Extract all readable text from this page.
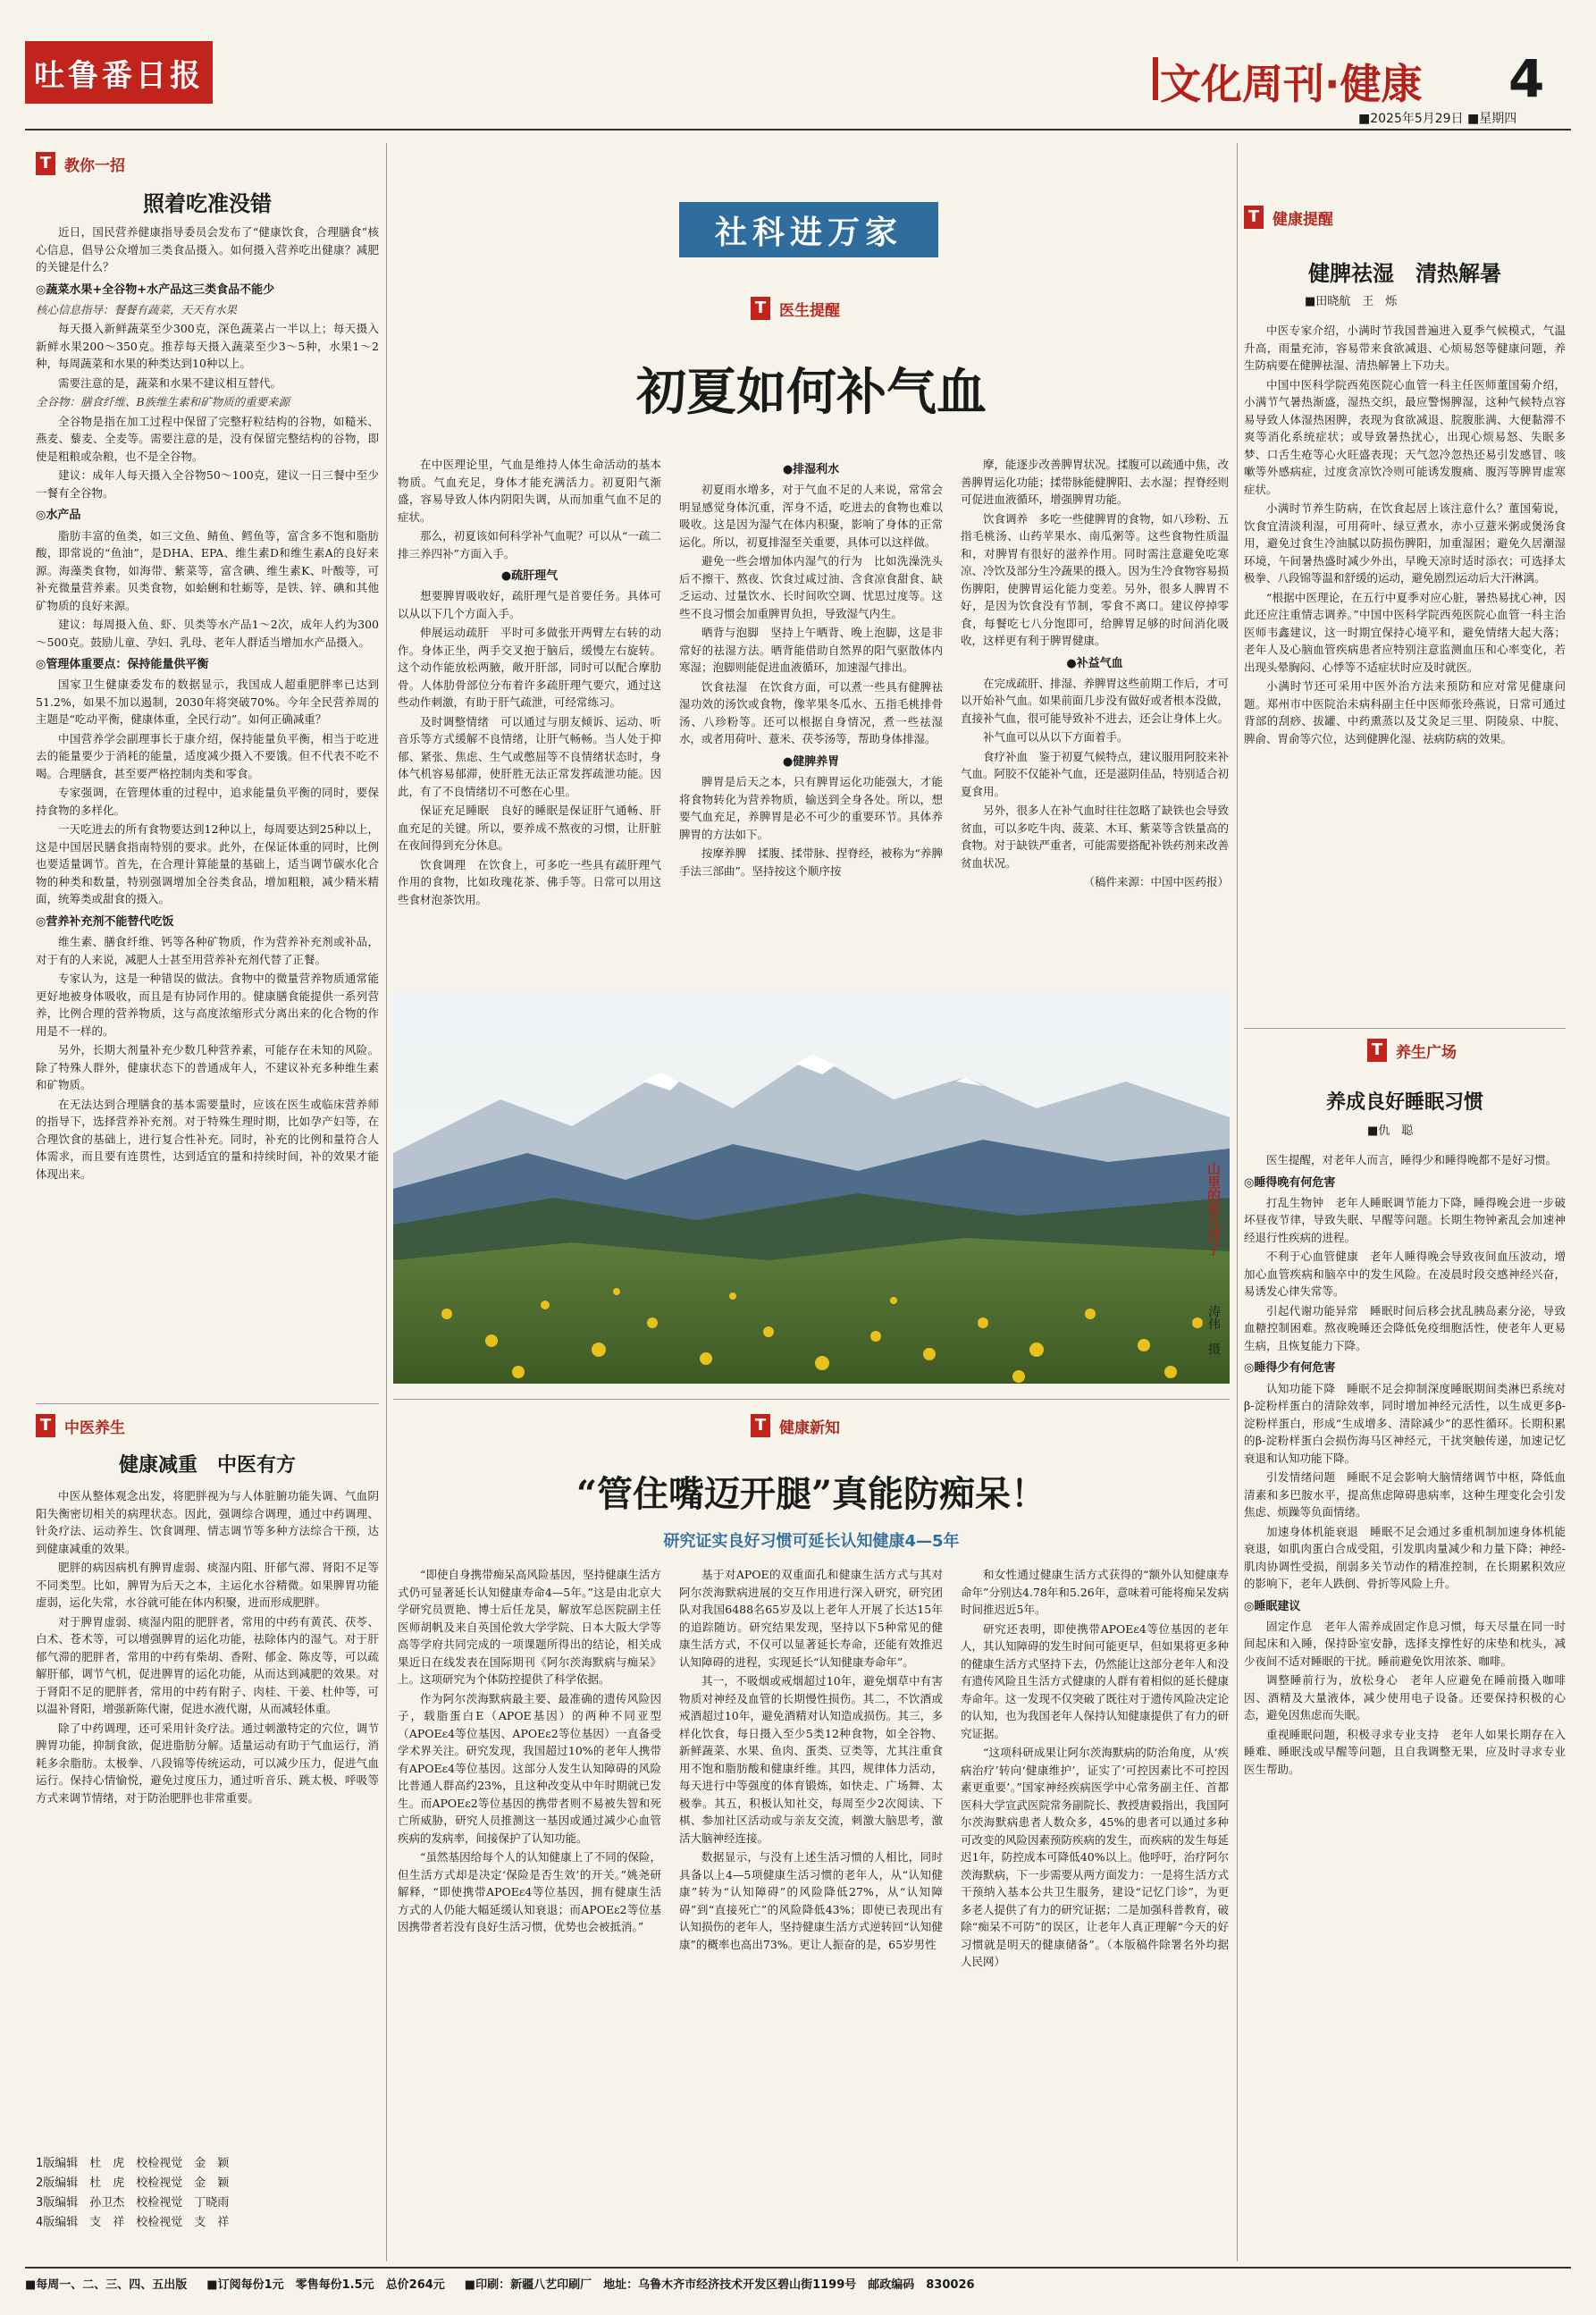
吐鲁番日报	文化周刊·健康 4
■2025年5月29日 ■星期四
T 教你一招
照着吃准没错

近日，国民营养健康指导委员会发布了“健康饮食，合理膳食”核心信息，倡导公众增加三类食品摄入。如何摄入营养吃出健康？减肥的关键是什么？

◎蔬菜水果+全谷物+水产品这三类食品不能少

核心信息指导：餐餐有蔬菜，天天有水果

每天摄入新鲜蔬菜至少300克，深色蔬菜占一半以上；每天摄入新鲜水果200～350克。推荐每天摄入蔬菜至少3～5种，水果1～2种，每周蔬菜和水果的种类达到10种以上。

需要注意的是，蔬菜和水果不建议相互替代。

全谷物：膳食纤维、B族维生素和矿物质的重要来源

全谷物是指在加工过程中保留了完整籽粒结构的谷物，如糙米、燕麦、藜麦、全麦等。需要注意的是，没有保留完整结构的谷物，即使是粗粮或杂粮，也不是全谷物。

建议：成年人每天摄入全谷物50～100克，建议一日三餐中至少一餐有全谷物。

◎水产品

脂肪丰富的鱼类，如三文鱼、鲭鱼、鳕鱼等，富含多不饱和脂肪酸，即常说的“鱼油”，是DHA、EPA、维生素D和维生素A的良好来源。海藻类食物，如海带、紫菜等，富含碘、维生素K、叶酸等，可补充微量营养素。贝类食物，如蛤蜊和牡蛎等，是铁、锌、碘和其他矿物质的良好来源。

建议：每周摄入鱼、虾、贝类等水产品1～2次，成年人约为300～500克。鼓励儿童、孕妇、乳母、老年人群适当增加水产品摄入。

◎管理体重要点：保持能量供平衡

国家卫生健康委发布的数据显示，我国成人超重肥胖率已达到51.2%，如果不加以遏制，2030年将突破70%。今年全民营养周的主题是“吃动平衡，健康体重，全民行动”。如何正确减重？

中国营养学会副理事长于康介绍，保持能量负平衡，相当于吃进去的能量要少于消耗的能量，适度减少摄入不要饿。但不代表不吃不喝。合理膳食，甚至要严格控制肉类和零食。

专家强调，在管理体重的过程中，追求能量负平衡的同时，要保持食物的多样化。

一天吃进去的所有食物要达到12种以上，每周要达到25种以上，这是中国居民膳食指南特别的要求。此外，在保证体重的同时，比例也要适量调节。首先，在合理计算能量的基础上，适当调节碳水化合物的种类和数量，特别强调增加全谷类食品，增加粗粮，减少精米精面，统筹类或甜食的摄入。

◎营养补充剂不能替代吃饭

维生素、膳食纤维、钙等各种矿物质，作为营养补充剂或补品，对于有的人来说，减肥人士甚至用营养补充剂代替了正餐。

专家认为，这是一种错误的做法。食物中的微量营养物质通常能更好地被身体吸收，而且是有协同作用的。健康膳食能提供一系列营养，比例合理的营养物质，这与高度浓缩形式分离出来的化合物的作用是不一样的。

另外，长期大剂量补充少数几种营养素，可能存在未知的风险。除了特殊人群外，健康状态下的普通成年人，不建议补充多种维生素和矿物质。

在无法达到合理膳食的基本需要量时，应该在医生或临床营养师的指导下，选择营养补充剂。对于特殊生理时期，比如孕产妇等，在合理饮食的基础上，进行复合性补充。同时，补充的比例和量符合人体需求，而且要有连贯性，达到适宜的量和持续时间，补的效果才能体现出来。

T 中医养生
健康减重　中医有方

中医从整体观念出发，将肥胖视为与人体脏腑功能失调、气血阴阳失衡密切相关的病理状态。因此，强调综合调理，通过中药调理、针灸疗法、运动养生、饮食调理、情志调节等多种方法综合干预，达到健康减重的效果。

肥胖的病因病机有脾胃虚弱、痰湿内阻、肝郁气滞、肾阳不足等不同类型。比如，脾胃为后天之本，主运化水谷精微。如果脾胃功能虚弱，运化失常，水谷就可能在体内积聚，进而形成肥胖。

对于脾胃虚弱、痰湿内阻的肥胖者，常用的中药有黄芪、茯苓、白术、苍术等，可以增强脾胃的运化功能，祛除体内的湿气。对于肝郁气滞的肥胖者，常用的中药有柴胡、香附、郁金、陈皮等，可以疏解肝郁，调节气机，促进脾胃的运化功能，从而达到减肥的效果。对于肾阳不足的肥胖者，常用的中药有附子、肉桂、干姜、杜仲等，可以温补肾阳，增强新陈代谢，促进水液代谢，从而减轻体重。

除了中药调理，还可采用针灸疗法。通过刺激特定的穴位，调节脾胃功能，抑制食欲，促进脂肪分解。适量运动有助于气血运行，消耗多余脂肪。太极拳、八段锦等传统运动，可以减少压力，促进气血运行。保持心情愉悦，避免过度压力，通过听音乐、跳太极、呼吸等方式来调节情绪，对于防治肥胖也非常重要。

1版编辑　杜　虎　校检视觉　金　颖
2版编辑　杜　虎　校检视觉　金　颖
3版编辑　孙卫杰　校检视觉　丁晓雨
4版编辑　支　祥　校检视觉　支　祥
社科进万家
T 医生提醒
初夏如何补气血

在中医理论里，气血是维持人体生命活动的基本物质。气血充足，身体才能充满活力。初夏阳气渐盛，容易导致人体内阴阳失调，从而加重气血不足的症状。

那么，初夏该如何科学补气血呢？可以从“一疏二排三养四补”方面入手。

●疏肝理气

想要脾胃吸收好，疏肝理气是首要任务。具体可以从以下几个方面入手。

伸展运动疏肝　平时可多做张开两臂左右转的动作。身体正坐，两手交叉抱于脑后，缓慢左右旋转。这个动作能放松两腋，敞开肝部，同时可以配合摩肋骨。人体肋骨部位分布着许多疏肝理气要穴，通过这些动作刺激，有助于肝气疏泄，可经常练习。

及时调整情绪　可以通过与朋友倾诉、运动、听音乐等方式缓解不良情绪，让肝气畅畅。当人处于抑郁、紧张、焦虑、生气或憋屈等不良情绪状态时，身体气机容易郁滞，使肝胜无法正常发挥疏泄功能。因此，有了不良情绪切不可憋在心里。

保证充足睡眠　良好的睡眠是保证肝气通畅、肝血充足的关键。所以，要养成不熬夜的习惯，让肝脏在夜间得到充分休息。

饮食调理　在饮食上，可多吃一些具有疏肝理气作用的食物，比如玫瑰花茶、佛手等。日常可以用这些食材泡茶饮用。

●排湿利水

初夏雨水增多，对于气血不足的人来说，常常会明显感觉身体沉重，浑身不适，吃进去的食物也难以吸收。这是因为湿气在体内积聚，影响了身体的正常运化。所以，初夏排湿至关重要，具体可以这样做。

避免一些会增加体内湿气的行为　比如洗澡洗头后不擦干、熬夜、饮食过咸过油、含食凉食甜食、缺乏运动、过量饮水、长时间吹空调、忧思过度等。这些不良习惯会加重脾胃负担，导致湿气内生。

晒背与泡脚　坚持上午晒背、晚上泡脚，这是非常好的祛湿方法。晒背能借助自然界的阳气驱散体内寒湿；泡脚则能促进血液循环，加速湿气排出。

饮食祛湿　在饮食方面，可以煮一些具有健脾祛湿功效的汤饮或食物，像苹果冬瓜水、五指毛桃排骨汤、八珍粉等。还可以根据自身情况，煮一些祛湿水，或者用荷叶、薏米、茯苓汤等，帮助身体排湿。

●健脾养胃

脾胃是后天之本，只有脾胃运化功能强大，才能将食物转化为营养物质，输送到全身各处。所以，想要气血充足，养脾胃是必不可少的重要环节。具体养脾胃的方法如下。

按摩养脾　揉腹、揉带脉、捏脊经，被称为“养脾手法三部曲”。坚持按这个顺序按

摩，能逐步改善脾胃状况。揉腹可以疏通中焦，改善脾胃运化功能；揉带脉能健脾阳、去水湿；捏脊经则可促进血液循环，增强脾胃功能。

饮食调养　多吃一些健脾胃的食物，如八珍粉、五指毛桃汤、山药苹果水、南瓜粥等。这些食物性质温和，对脾胃有很好的滋养作用。同时需注意避免吃寒凉、冷饮及部分生冷蔬果的摄入。因为生冷食物容易损伤脾阳，使脾胃运化能力变差。另外，很多人脾胃不好，是因为饮食没有节制，零食不离口。建议停掉零食，每餐吃七八分饱即可，给脾胃足够的时间消化吸收，这样更有利于脾胃健康。

●补益气血

在完成疏肝、排湿、养脾胃这些前期工作后，才可以开始补气血。如果前面几步没有做好或者根本没做，直接补气血，很可能导致补不进去，还会让身体上火。

补气血可以从以下方面着手。

食疗补血　鉴于初夏气候特点，建议服用阿胶来补气血。阿胶不仅能补气血，还是滋阴佳品，特别适合初夏食用。

另外，很多人在补气血时往往忽略了缺铁也会导致贫血，可以多吃牛肉、菠菜、木耳、紫菜等含铁量高的食物。对于缺铁严重者，可能需要搭配补铁药剂来改善贫血状况。

（稿件来源：中国中医药报）

山里的花儿开了
涛伟　摄
T 健康新知
“管住嘴迈开腿”真能防痴呆！
研究证实良好习惯可延长认知健康4—5年

“即使自身携带痴呆高风险基因，坚持健康生活方式仍可显著延长认知健康寿命4—5年。”这是由北京大学研究员贾艳、博士后任龙昊，解放军总医院副主任医师胡帆及来自英国伦敦大学学院、日本大阪大学等高等学府共同完成的一项课题所得出的结论，相关成果近日在线发表在国际期刊《阿尔茨海默病与痴呆》上。这项研究为个体防控提供了科学依据。

作为阿尔茨海默病最主要、最准确的遗传风险因子，载脂蛋白E（APOE基因）的两种不同亚型（APOEε4等位基因、APOEε2等位基因）一直备受学术界关注。研究发现，我国超过10%的老年人携带有APOEε4等位基因。这部分人发生认知障碍的风险比普通人群高约23%，且这种改变从中年时期就已发生。而APOEε2等位基因的携带者则不易被失智和死亡所威胁，研究人员推测这一基因或通过减少心血管疾病的发病率，间接保护了认知功能。

“虽然基因给每个人的认知健康上了不同的保险，但生活方式却是决定‘保险是否生效’的开关。”姚尧研解释，“即使携带APOEε4等位基因，拥有健康生活方式的人仍能大幅延缓认知衰退；而APOEε2等位基因携带者若没有良好生活习惯，优势也会被抵消。”

基于对APOE的双重面孔和健康生活方式与其对阿尔茨海默病进展的交互作用进行深入研究，研究团队对我国6488名65岁及以上老年人开展了长达15年的追踪随访。研究结果发现，坚持以下5种常见的健康生活方式，不仅可以显著延长寿命，还能有效推迟认知障碍的进程，实现延长“认知健康寿命年”。

其一，不吸烟或戒烟超过10年，避免烟草中有害物质对神经及血管的长期慢性损伤。其二，不饮酒或戒酒超过10年，避免酒精对认知造成损伤。其三，多样化饮食，每日摄入至少5类12种食物，如全谷物、新鲜蔬菜、水果、鱼肉、蛋类、豆类等，尤其注重食用不饱和脂肪酸和健康纤维。其四，规律体力活动，每天进行中等强度的体育锻炼，如快走、广场舞、太极拳。其五，积极认知社交，每周至少2次阅读、下棋、参加社区活动或与亲友交流，刺激大脑思考，激活大脑神经连接。

数据显示，与没有上述生活习惯的人相比，同时具备以上4—5项健康生活习惯的老年人，从“认知健康”转为“认知障碍”的风险降低27%，从“认知障碍”到“直接死亡”的风险降低43%；即使已表现出有认知损伤的老年人，坚持健康生活方式逆转回“认知健康”的概率也高出73%。更让人振奋的是，65岁男性

和女性通过健康生活方式获得的“额外认知健康寿命年”分别达4.78年和5.26年，意味着可能将痴呆发病时间推迟近5年。

研究还表明，即使携带APOEε4等位基因的老年人，其认知障碍的发生时间可能更早，但如果将更多种的健康生活方式坚持下去，仍然能让这部分老年人和没有遗传风险且生活方式健康的人群有着相似的延长健康寿命年。这一发现不仅突破了既往对于遗传风险决定论的认知，也为我国老年人保持认知健康提供了有力的研究证据。

“这项科研成果让阿尔茨海默病的防治角度，从‘疾病治疗’转向‘健康维护’，证实了‘可控因素比不可控因素更重要’。”国家神经疾病医学中心常务副主任、首都医科大学宣武医院常务副院长、教授唐毅指出，我国阿尔茨海默病患者人数众多，45%的患者可以通过多种可改变的风险因素预防疾病的发生，而疾病的发生每延迟1年，防控成本可降低40%以上。他呼吁，治疗阿尔茨海默病，下一步需要从两方面发力：一是将生活方式干预纳入基本公共卫生服务，建设“记忆门诊”，为更多老人提供了有力的研究证据；二是加强科普教育，破除“痴呆不可防”的误区，让老年人真正理解“今天的好习惯就是明天的健康储备”。（本版稿件除署名外均据人民网）

T 健康提醒
健脾祛湿　清热解暑
■田晓航　王　烁

中医专家介绍，小满时节我国普遍进入夏季气候模式，气温升高，雨量充沛，容易带来食欲减退、心烦易怒等健康问题，养生防病要在健脾祛湿、清热解暑上下功夫。

中国中医科学院西苑医院心血管一科主任医师董国菊介绍，小满节气暑热渐盛，湿热交织，最应警惕脾湿，这种气候特点容易导致人体湿热困脾，表现为食欲减退、脘腹胀满、大便黏滞不爽等消化系统症状；或导致暑热扰心，出现心烦易怒、失眠多梦、口舌生疮等心火旺盛表现；天气忽冷忽热还易引发感冒、咳嗽等外感病症，过度贪凉饮冷则可能诱发腹痛、腹泻等脾胃虚寒症状。

小满时节养生防病，在饮食起居上该注意什么？董国菊说，饮食宜清淡利湿，可用荷叶、绿豆煮水，赤小豆薏米粥或煲汤食用，避免过食生冷油腻以防损伤脾阳，加重湿困；避免久居潮湿环境，午间暑热盛时减少外出，早晚天凉时适时添衣；可选择太极拳、八段锦等温和舒缓的运动，避免剧烈运动后大汗淋漓。

“根据中医理论，在五行中夏季对应心脏，暑热易扰心神，因此还应注重情志调养。”中国中医科学院西苑医院心血管一科主治医师韦鑫建议，这一时期宜保持心境平和，避免情绪大起大落；老年人及心脑血管疾病患者应特别注意监测血压和心率变化，若出现头晕胸闷、心悸等不适症状时应及时就医。

小满时节还可采用中医外治方法来预防和应对常见健康问题。郑州市中医院治未病科副主任中医师张玲燕说，日常可通过背部的刮痧、拔罐、中药熏蒸以及艾灸足三里、阴陵泉、中脘、脾俞、胃俞等穴位，达到健脾化湿、祛病防病的效果。

T 养生广场
养成良好睡眠习惯
■仇　聪

医生提醒，对老年人而言，睡得少和睡得晚都不是好习惯。

◎睡得晚有何危害

打乱生物钟　老年人睡眠调节能力下降，睡得晚会进一步破坏昼夜节律，导致失眠、早醒等问题。长期生物钟紊乱会加速神经退行性疾病的进程。

不利于心血管健康　老年人睡得晚会导致夜间血压波动，增加心血管疾病和脑卒中的发生风险。在凌晨时段交感神经兴奋，易诱发心律失常等。

引起代谢功能异常　睡眠时间后移会扰乱胰岛素分泌，导致血糖控制困难。熬夜晚睡还会降低免疫细胞活性，使老年人更易生病，且恢复能力下降。

◎睡得少有何危害

认知功能下降　睡眠不足会抑制深度睡眠期间类淋巴系统对β-淀粉样蛋白的清除效率，同时增加神经元活性，以生成更多β-淀粉样蛋白，形成“生成增多、清除减少”的恶性循环。长期积累的β-淀粉样蛋白会损伤海马区神经元，干扰突触传递，加速记忆衰退和认知功能下降。

引发情绪问题　睡眠不足会影响大脑情绪调节中枢，降低血清素和多巴胺水平，提高焦虑障碍患病率，这种生理变化会引发焦虑、烦躁等负面情绪。

加速身体机能衰退　睡眠不足会通过多重机制加速身体机能衰退，如肌肉蛋白合成受阻，引发肌肉量减少和力量下降；神经-肌肉协调性受损，削弱多关节动作的精准控制，在长期累积效应的影响下，老年人跌倒、骨折等风险上升。

◎睡眠建议

固定作息　老年人需养成固定作息习惯，每天尽量在同一时间起床和入睡，保持卧室安静，选择支撑性好的床垫和枕头，减少夜间不适对睡眠的干扰。睡前避免饮用浓茶、咖啡。

调整睡前行为，放松身心　老年人应避免在睡前摄入咖啡因、酒精及大量液体，减少使用电子设备。还要保持积极的心态，避免因焦虑而失眠。

重视睡眠问题，积极寻求专业支持　老年人如果长期存在入睡难、睡眠浅或早醒等问题，且自我调整无果，应及时寻求专业医生帮助。

■每周一、二、三、四、五出版 ■订阅每份1元　零售每份1.5元　总价264元 ■印刷：新疆八艺印刷厂　地址：乌鲁木齐市经济技术开发区碧山街1199号　邮政编码　830026
